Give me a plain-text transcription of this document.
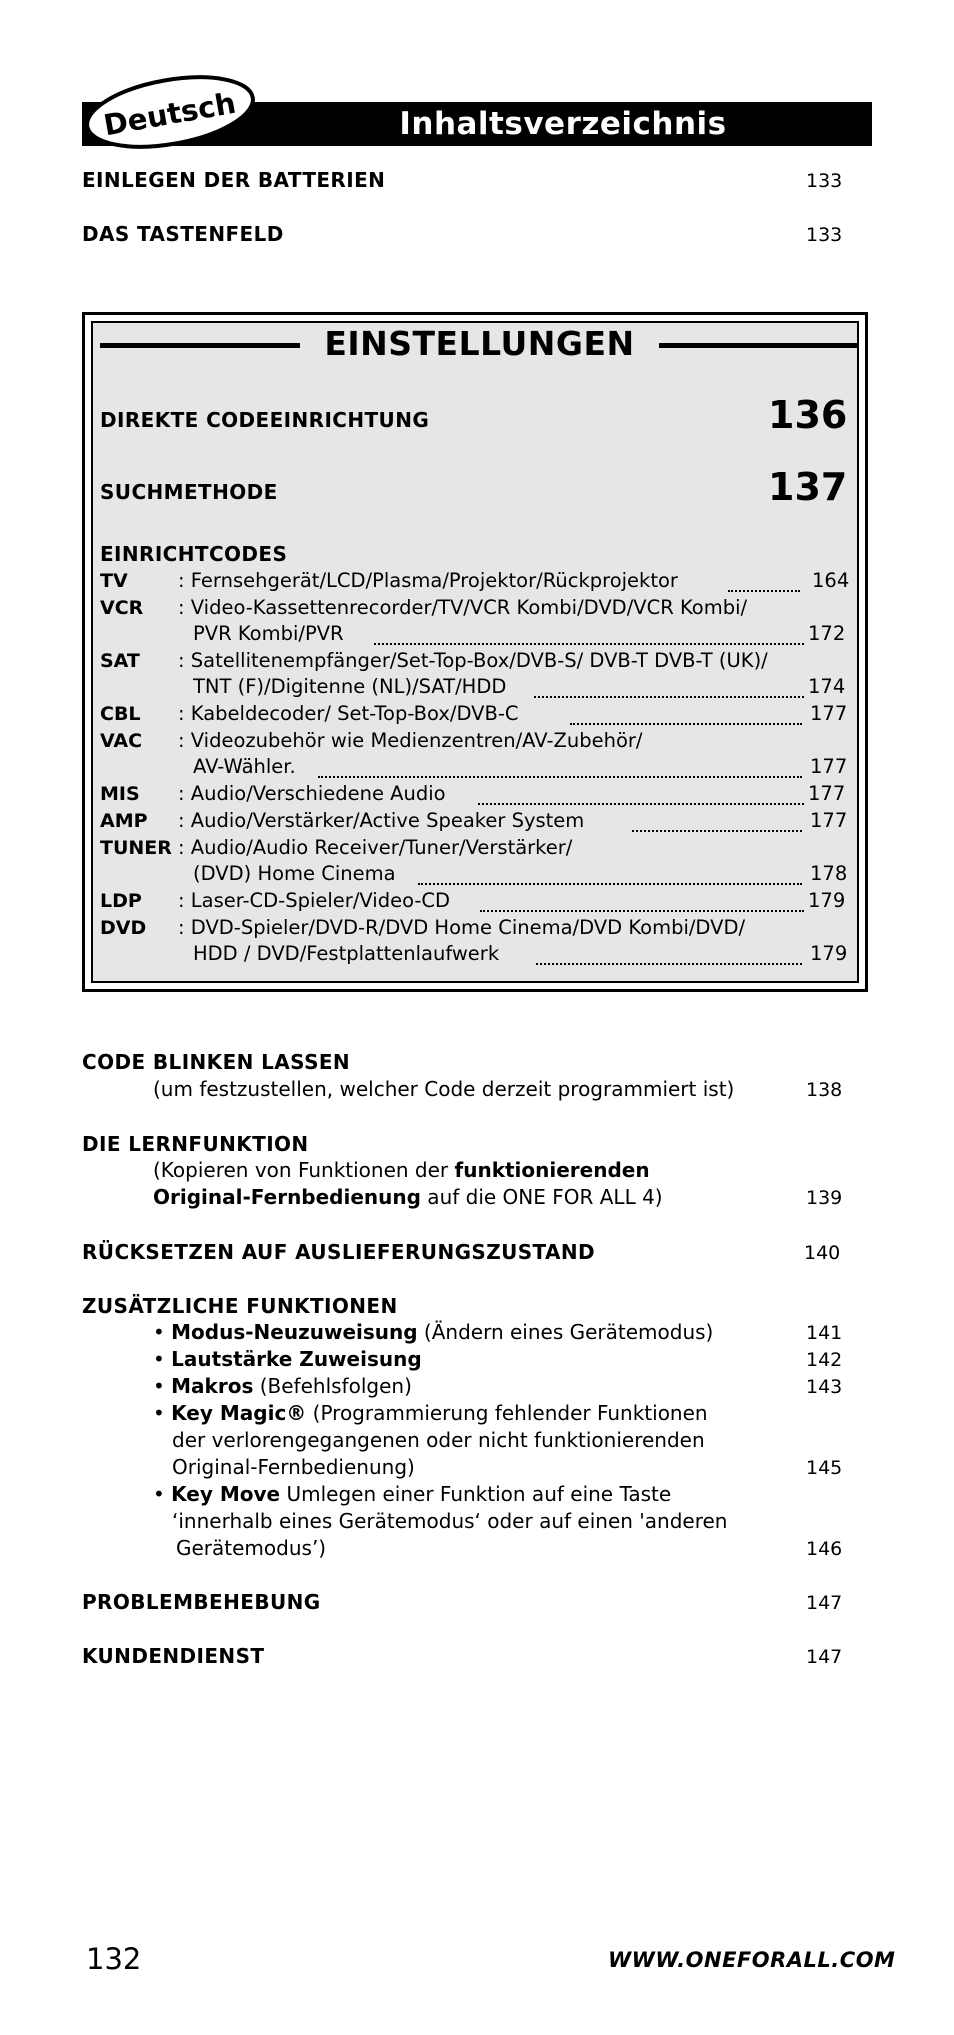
Inhaltsverzeichnis
Deutsch
EINLEGEN DER BATTERIEN	133
DAS TASTENFELD	133
EINSTELLUNGEN
DIREKTE CODEEINRICHTUNG	136
SUCHMETHODE	137
EINRICHTCODES
TV	: Fernsehgerät/LCD/Plasma/Projektor/Rückprojektor	164
VCR : Video-Kassettenrecorder/TV/VCR Kombi/DVD/VCR Kombi/
PVR Kombi/PVR	172
SAT : Satellitenempfänger/Set-Top-Box/DVB-S/ DVB-T DVB-T (UK)/
TNT (F)/Digitenne (NL)/SAT/HDD	174
CBL : Kabeldecoder/ Set-Top-Box/DVB-C	177
VAC : Videozubehör wie Medienzentren/AV-Zubehör/
AV-Wähler.	177
MIS : Audio/Verschiedene Audio	177
AMP : Audio/Verstärker/Active Speaker System	177
TUNER : Audio/Audio Receiver/Tuner/Verstärker/
(DVD) Home Cinema	178
LDP : Laser-CD-Spieler/Video-CD	179
DVD : DVD-Spieler/DVD-R/DVD Home Cinema/DVD Kombi/DVD/
HDD / DVD/Festplattenlaufwerk	179
CODE BLINKEN LASSEN
(um festzustellen, welcher Code derzeit programmiert ist)	138
DIE LERNFUNKTION
(Kopieren von Funktionen der funktionierenden
Original-Fernbedienung auf die ONE FOR ALL 4)	139
RÜCKSETZEN AUF AUSLIEFERUNGSZUSTAND	140
ZUSÄTZLICHE FUNKTIONEN
• Modus-Neuzuweisung (Ändern eines Gerätemodus)	141
• Lautstärke Zuweisung	142
• Makros (Befehlsfolgen)	143
• Key Magic® (Programmierung fehlender Funktionen
der verlorengegangenen oder nicht funktionierenden
Original-Fernbedienung)	145
• Key Move Umlegen einer Funktion auf eine Taste
‘innerhalb eines Gerätemodus‘ oder auf einen 'anderen
Gerätemodus’)	146
PROBLEMBEHEBUNG	147
KUNDENDIENST	147
132	WWW.ONEFORALL.COM
